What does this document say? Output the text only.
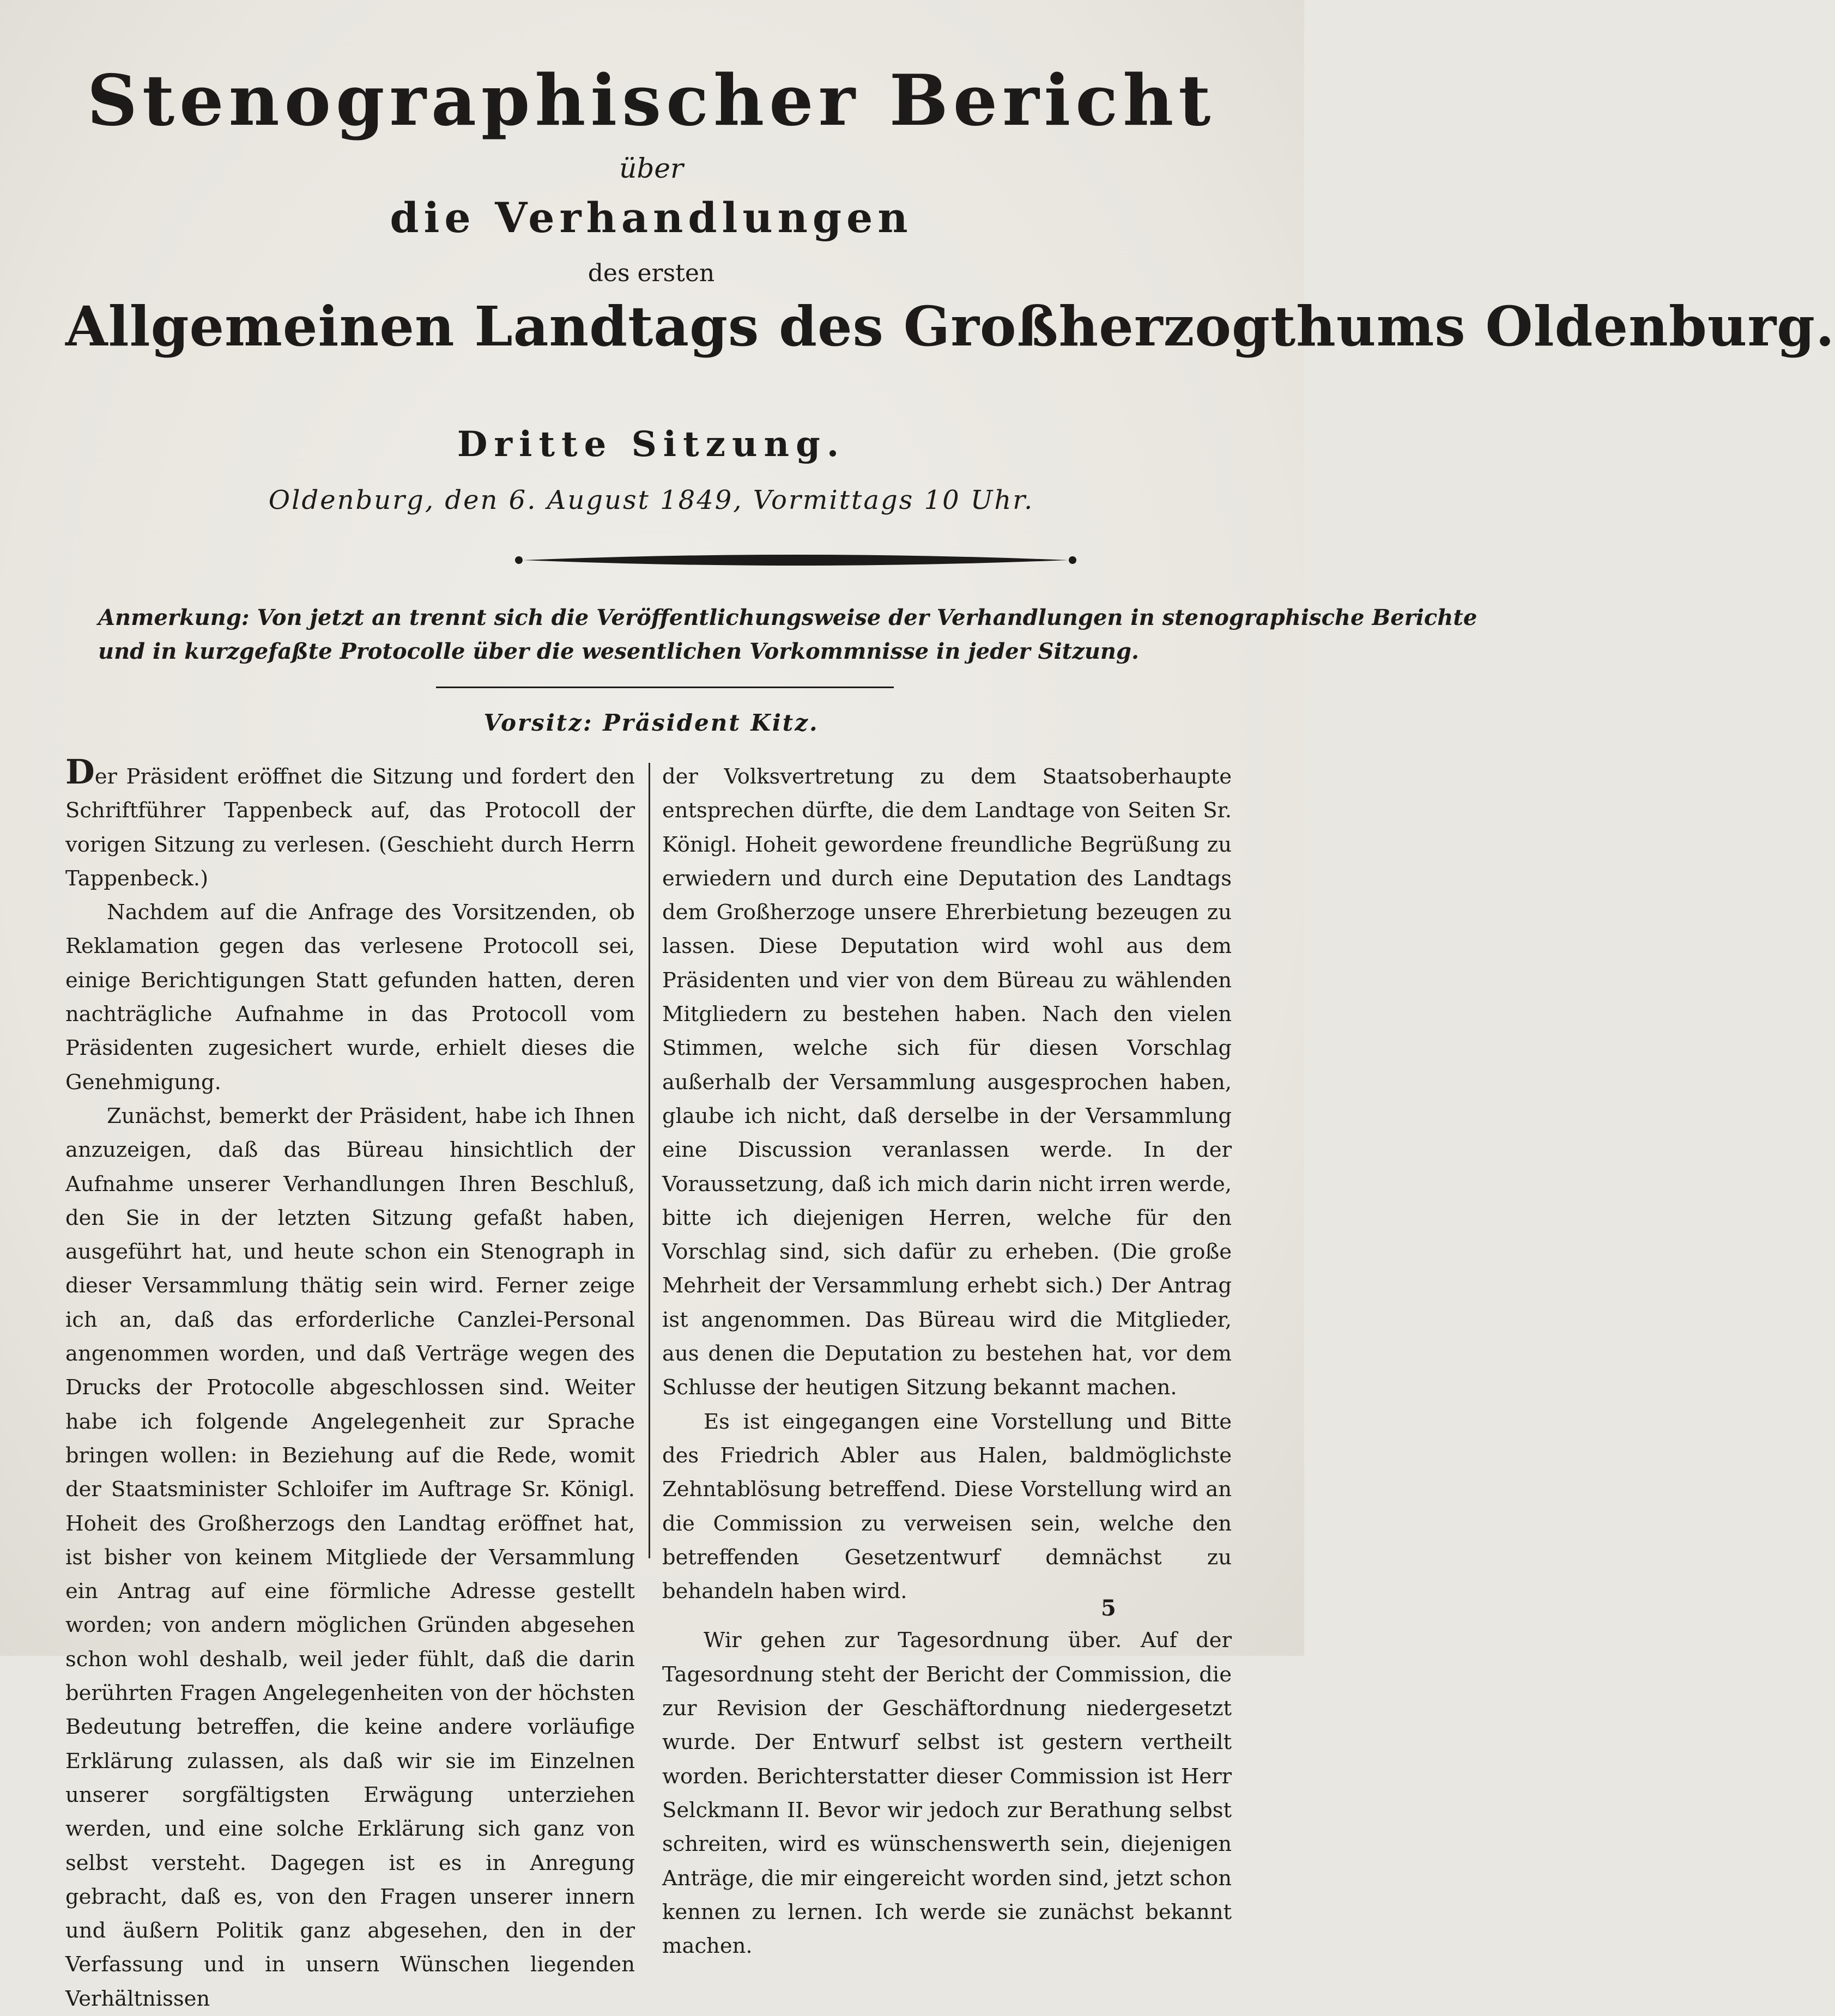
Stenographischer Bericht
über
die Verhandlungen
des ersten
Allgemeinen Landtags des Großherzogthums Oldenburg.
Dritte Sitzung.
Oldenburg, den 6. August 1849, Vormittags 10 Uhr.
Anmerkung: Von jetzt an trennt sich die Veröffentlichungsweise der Verhandlungen in stenographische Berichte
und in kurzgefaßte Protocolle über die wesentlichen Vorkommnisse in jeder Sitzung.
Vorsitz: Präsident Kitz.

Der Präsident eröffnet die Sitzung und fordert den Schriftführer Tappenbeck auf, das Protocoll der vorigen Sitzung zu verlesen. (Geschieht durch Herrn Tappenbeck.)

Nachdem auf die Anfrage des Vorsitzenden, ob Reklamation gegen das verlesene Protocoll sei, einige Berichtigungen Statt gefunden hatten, deren nachträgliche Aufnahme in das Protocoll vom Präsidenten zugesichert wurde, erhielt dieses die Genehmigung.

Zunächst, bemerkt der Präsident, habe ich Ihnen anzuzeigen, daß das Büreau hinsichtlich der Aufnahme unserer Verhandlungen Ihren Beschluß, den Sie in der letzten Sitzung gefaßt haben, ausgeführt hat, und heute schon ein Stenograph in dieser Versammlung thätig sein wird. Ferner zeige ich an, daß das erforderliche Canzlei-Personal angenommen worden, und daß Verträge wegen des Drucks der Protocolle abgeschlossen sind. Weiter habe ich folgende Angelegenheit zur Sprache bringen wollen: in Beziehung auf die Rede, womit der Staatsminister Schloifer im Auftrage Sr. Königl. Hoheit des Großherzogs den Landtag eröffnet hat, ist bisher von keinem Mitgliede der Versammlung ein Antrag auf eine förmliche Adresse gestellt worden; von andern möglichen Gründen abgesehen schon wohl deshalb, weil jeder fühlt, daß die darin berührten Fragen Angelegenheiten von der höchsten Bedeutung betreffen, die keine andere vorläufige Erklärung zulassen, als daß wir sie im Einzelnen unserer sorgfältigsten Erwägung unterziehen werden, und eine solche Erklärung sich ganz von selbst versteht. Dagegen ist es in Anregung gebracht, daß es, von den Fragen unserer innern und äußern Politik ganz abgesehen, den in der Verfassung und in unsern Wünschen liegenden Verhältnissen

der Volksvertretung zu dem Staatsoberhaupte entsprechen dürfte, die dem Landtage von Seiten Sr. Königl. Hoheit gewordene freundliche Begrüßung zu erwiedern und durch eine Deputation des Landtags dem Großherzoge unsere Ehrerbietung bezeugen zu lassen. Diese Deputation wird wohl aus dem Präsidenten und vier von dem Büreau zu wählenden Mitgliedern zu bestehen haben. Nach den vielen Stimmen, welche sich für diesen Vorschlag außerhalb der Versammlung ausgesprochen haben, glaube ich nicht, daß derselbe in der Versammlung eine Discussion veranlassen werde. In der Voraussetzung, daß ich mich darin nicht irren werde, bitte ich diejenigen Herren, welche für den Vorschlag sind, sich dafür zu erheben. (Die große Mehrheit der Versammlung erhebt sich.) Der Antrag ist angenommen. Das Büreau wird die Mitglieder, aus denen die Deputation zu bestehen hat, vor dem Schlusse der heutigen Sitzung bekannt machen.

Es ist eingegangen eine Vorstellung und Bitte des Friedrich Abler aus Halen, baldmöglichste Zehntablösung betreffend. Diese Vorstellung wird an die Commission zu verweisen sein, welche den betreffenden Gesetzentwurf demnächst zu behandeln haben wird.

Wir gehen zur Tagesordnung über. Auf der Tagesordnung steht der Bericht der Commission, die zur Revision der Geschäftordnung niedergesetzt wurde. Der Entwurf selbst ist gestern vertheilt worden. Berichterstatter dieser Commission ist Herr Selckmann II. Bevor wir jedoch zur Berathung selbst schreiten, wird es wünschenswerth sein, diejenigen Anträge, die mir eingereicht worden sind, jetzt schon kennen zu lernen. Ich werde sie zunächst bekannt machen.

5
